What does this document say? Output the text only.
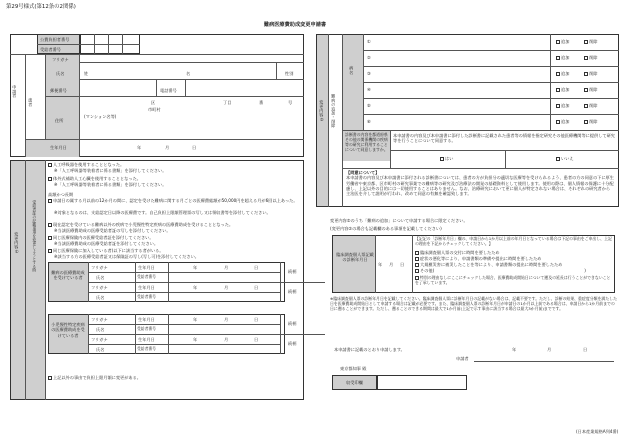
第29号様式(第12条の2関係)
難病医療費助成変更申請書
公費負担者番号
受給者番号
申請者
患者
フリガナ
氏名	姓	名	性別
郵便番号	電話番号
住所
区
市町村
丁目	番	号
(マンション名等)
生年月日	年	月	日
変更内容①	受給者証の記載事項を変更しようとする時
人工呼吸器を使用することとなった。
※「人工呼吸器等装着者に係る書類」を添付してください。
体外式補助人工心臓を使用することとなった。
※「人工呼吸器等装着者に係る書類」を添付してください。
高額かつ長期
申請日の属する月以前の12か月の間に、認定を受けた難病に関する月ごとの医療費総額が50,000円を超える月が6回以上あった。
※対象となるのは、支給認定日以降の医療費です。自己負担上限額管理票の写し又は領収書等を添付してください。
現在認定を受けている難病以外の疾病で小児慢性特定疾病の医療費助成を受けることとなった。
※当該医療費助成の医療受給者証の写しを添付してください。
同じ医療保険内の医療受給者証を添付してください。
※当該医療費助成の医療受給者証を添付してください。
同じ医療保険に加入している者(以下に該当する者がいる。
※該当する方の医療受給者証又は保険証の写し(写し可)を添付してください。
難病の医療費助成を受けている者
フリガナ
氏名
生年月日
受給者番号
年	月	日
続柄
フリガナ
氏名
生年月日
受給者番号
年	月	日
続柄
小児慢性特定疾病の医療費助成を受けている者
フリガナ
氏名
生年月日
受給者番号
年	月	日
続柄
フリガナ
氏名
生年月日
受給者番号
年	月	日
続柄
上記以外の事由で負担上限月額に変更がある。
変更内容② 難病の追加・削除
病名
①	追加	削除
②	追加	削除
③	追加	削除
④	追加	削除
⑤	追加	削除
⑥	追加	削除
診断書の内容を都道府県その他の関係機関の疾病等の研究に利用することについて同意しますか。
本申請書の内容及び本申請書に添付した診断書に記載された患者等の情報を指定研究その他医療機関等に提供して研究等を行うことについて同意する。
はい	いいえ
【同意について】
本申請書の内容及び本申請書に添付される診断書については、患者の方が負担分の適切な医療等を受けられるよう、患者の方の同意の下に厚生労働省や東京都、区市町村の研究事業での難病等の研究及び治療法の開発の基礎資料として使用します。使用の際は、個人情報の保護に十分配慮し、上記以外の目的には一切使用することはありません。なお、治療研究において更に個人が特定されない場合は、それぞれの研究者から主治医を介して説明が行われ、改めて同意の有無を確認致します。
変更内容②のうち「難病の追加」について申請する場合に限定ください。
(変更内容②の場合も記載欄のある事項を記載してください)
臨床調査個人票記載の診断年月日
年 月 日
【記記の「診断年月日」欄の、申請日から1か月以上前の年月日となっている場合は下記の事由をご申出し、上記の理由を下記からチェックしてください。】
臨床調査個人票の交付に時間を要したため
症状の悪化等により、申請書類の準備や提出に時間を要したため
大規模災害に被災したことを等により、申請書類の提出に時間を要したため
その他(	)
特別の理由なしにここにチェックした場合、医療費助成開始日について遡及の延長は行うことができないことを了承しています。
※臨床調査個人票の診断年月日を記載してください。臨床調査個人票に診断年月日の記載がない場合は、記載不要です。ただし、診断の結果、重症度分類を満たした日を医療費助成開始日として申請する場合は記載が必要です。また、臨床調査個人票の診断年月日が申請日の1か月以上前である場合は、申請日から1か月前までの日に遡ることができます。ただし、遡ることのできる期間は最大で1か月前(上記で示す事由に該当する場合は最大3か月前)までです。
本申請書に記載のとおり申請します。	年	月	日
申請者
東京都知事 殿
収受印欄
(日本産業規格A列4番)
